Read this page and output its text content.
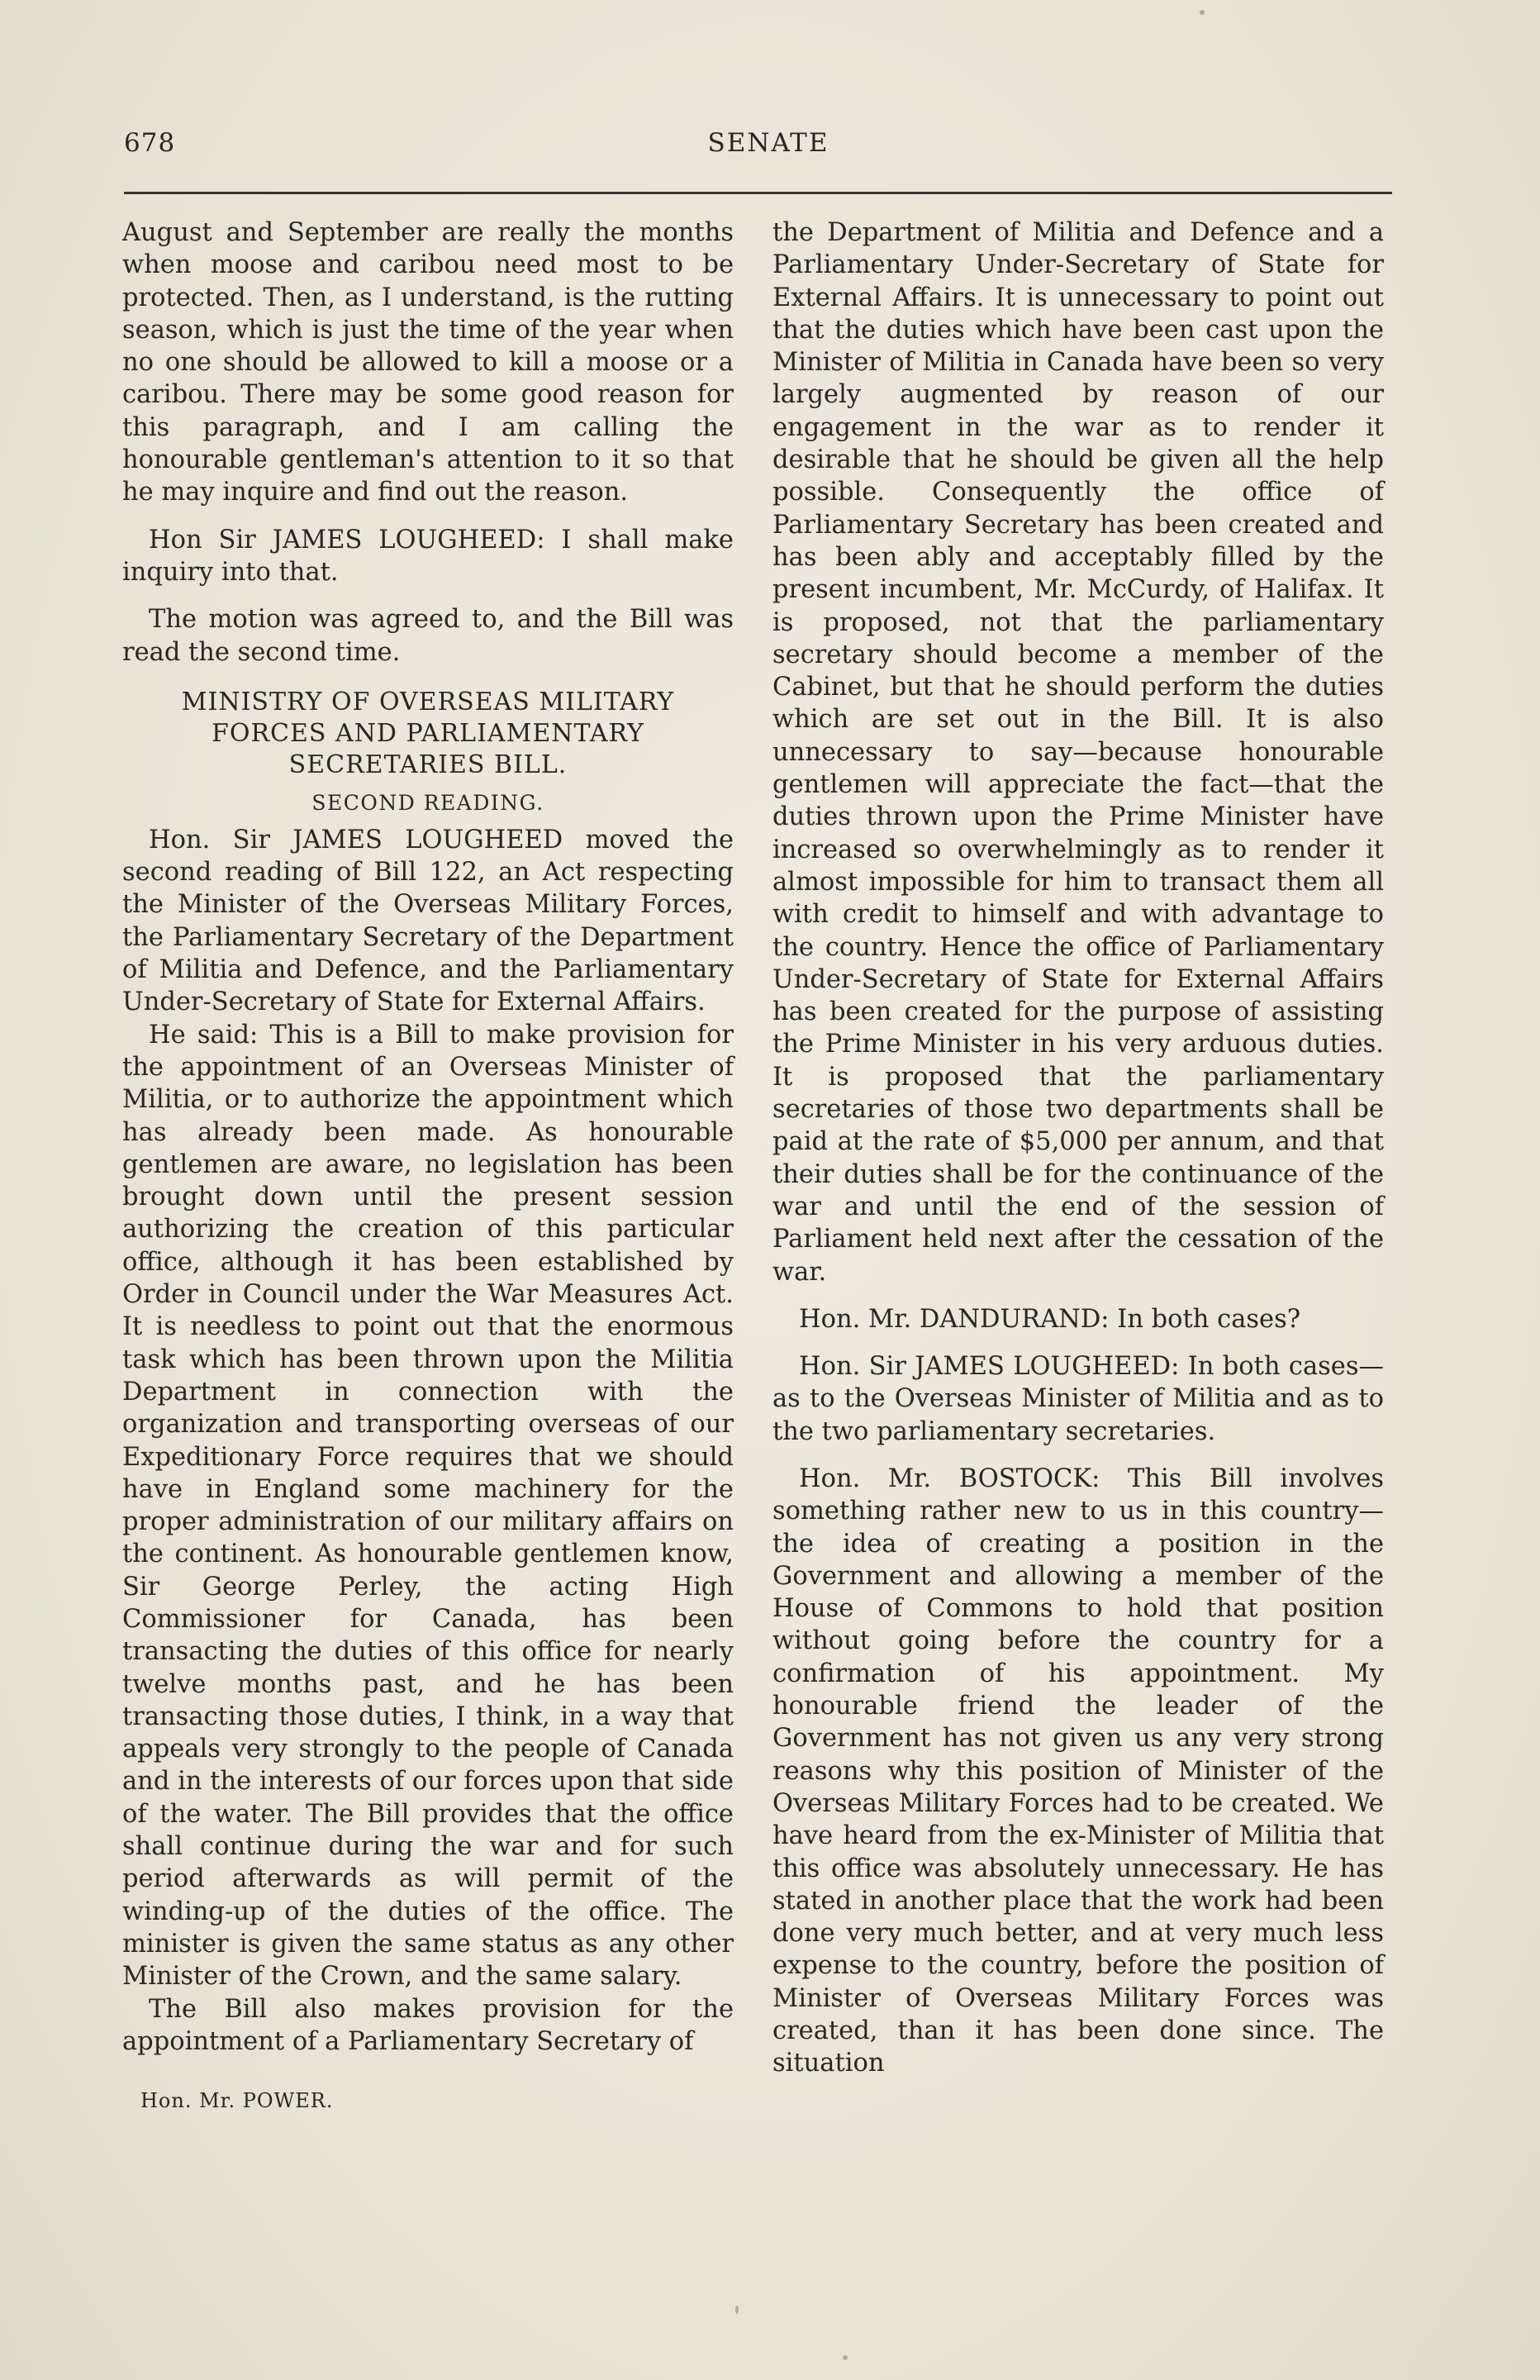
678	SENATE

August and September are really the months when moose and caribou need most to be protected. Then, as I understand, is the rutting season, which is just the time of the year when no one should be allowed to kill a moose or a caribou. There may be some good reason for this paragraph, and I am calling the honourable gentleman's attention to it so that he may inquire and find out the reason.

Hon Sir JAMES LOUGHEED: I shall make inquiry into that.

The motion was agreed to, and the Bill was read the second time.

MINISTRY OF OVERSEAS MILITARY
FORCES AND PARLIAMENTARY
SECRETARIES BILL.
SECOND READING.

Hon. Sir JAMES LOUGHEED moved the second reading of Bill 122, an Act respecting the Minister of the Overseas Military Forces, the Parliamentary Secretary of the Department of Militia and Defence, and the Parliamentary Under-Secretary of State for External Affairs.

He said: This is a Bill to make provision for the appointment of an Overseas Minister of Militia, or to authorize the appointment which has already been made. As honourable gentlemen are aware, no legislation has been brought down until the present session authorizing the creation of this particular office, although it has been established by Order in Council under the War Measures Act. It is needless to point out that the enormous task which has been thrown upon the Militia Department in connection with the organization and transporting overseas of our Expeditionary Force requires that we should have in England some machinery for the proper administration of our military affairs on the continent. As honourable gentlemen know, Sir George Perley, the acting High Commissioner for Canada, has been transacting the duties of this office for nearly twelve months past, and he has been transacting those duties, I think, in a way that appeals very strongly to the people of Canada and in the interests of our forces upon that side of the water. The Bill provides that the office shall continue during the war and for such period afterwards as will permit of the winding-up of the duties of the office. The minister is given the same status as any other Minister of the Crown, and the same salary.

The Bill also makes provision for the appointment of a Parliamentary Secretary of

the Department of Militia and Defence and a Parliamentary Under-Secretary of State for External Affairs. It is unnecessary to point out that the duties which have been cast upon the Minister of Militia in Canada have been so very largely augmented by reason of our engagement in the war as to render it desirable that he should be given all the help possible. Consequently the office of Parliamentary Secretary has been created and has been ably and acceptably filled by the present incumbent, Mr. McCurdy, of Halifax. It is proposed, not that the parliamentary secretary should become a member of the Cabinet, but that he should perform the duties which are set out in the Bill. It is also unnecessary to say—because honourable gentlemen will appreciate the fact—that the duties thrown upon the Prime Minister have increased so overwhelmingly as to render it almost impossible for him to transact them all with credit to himself and with advantage to the country. Hence the office of Parliamentary Under-Secretary of State for External Affairs has been created for the purpose of assisting the Prime Minister in his very arduous duties. It is proposed that the parliamentary secretaries of those two departments shall be paid at the rate of $5,000 per annum, and that their duties shall be for the continuance of the war and until the end of the session of Parliament held next after the cessation of the war.

Hon. Mr. DANDURAND: In both cases?

Hon. Sir JAMES LOUGHEED: In both cases—as to the Overseas Minister of Militia and as to the two parliamentary secretaries.

Hon. Mr. BOSTOCK: This Bill involves something rather new to us in this country—the idea of creating a position in the Government and allowing a member of the House of Commons to hold that position without going before the country for a confirmation of his appointment. My honourable friend the leader of the Government has not given us any very strong reasons why this position of Minister of the Overseas Military Forces had to be created. We have heard from the ex-Minister of Militia that this office was absolutely unnecessary. He has stated in another place that the work had been done very much better, and at very much less expense to the country, before the position of Minister of Overseas Military Forces was created, than it has been done since. The situation

Hon. Mr. POWER.
